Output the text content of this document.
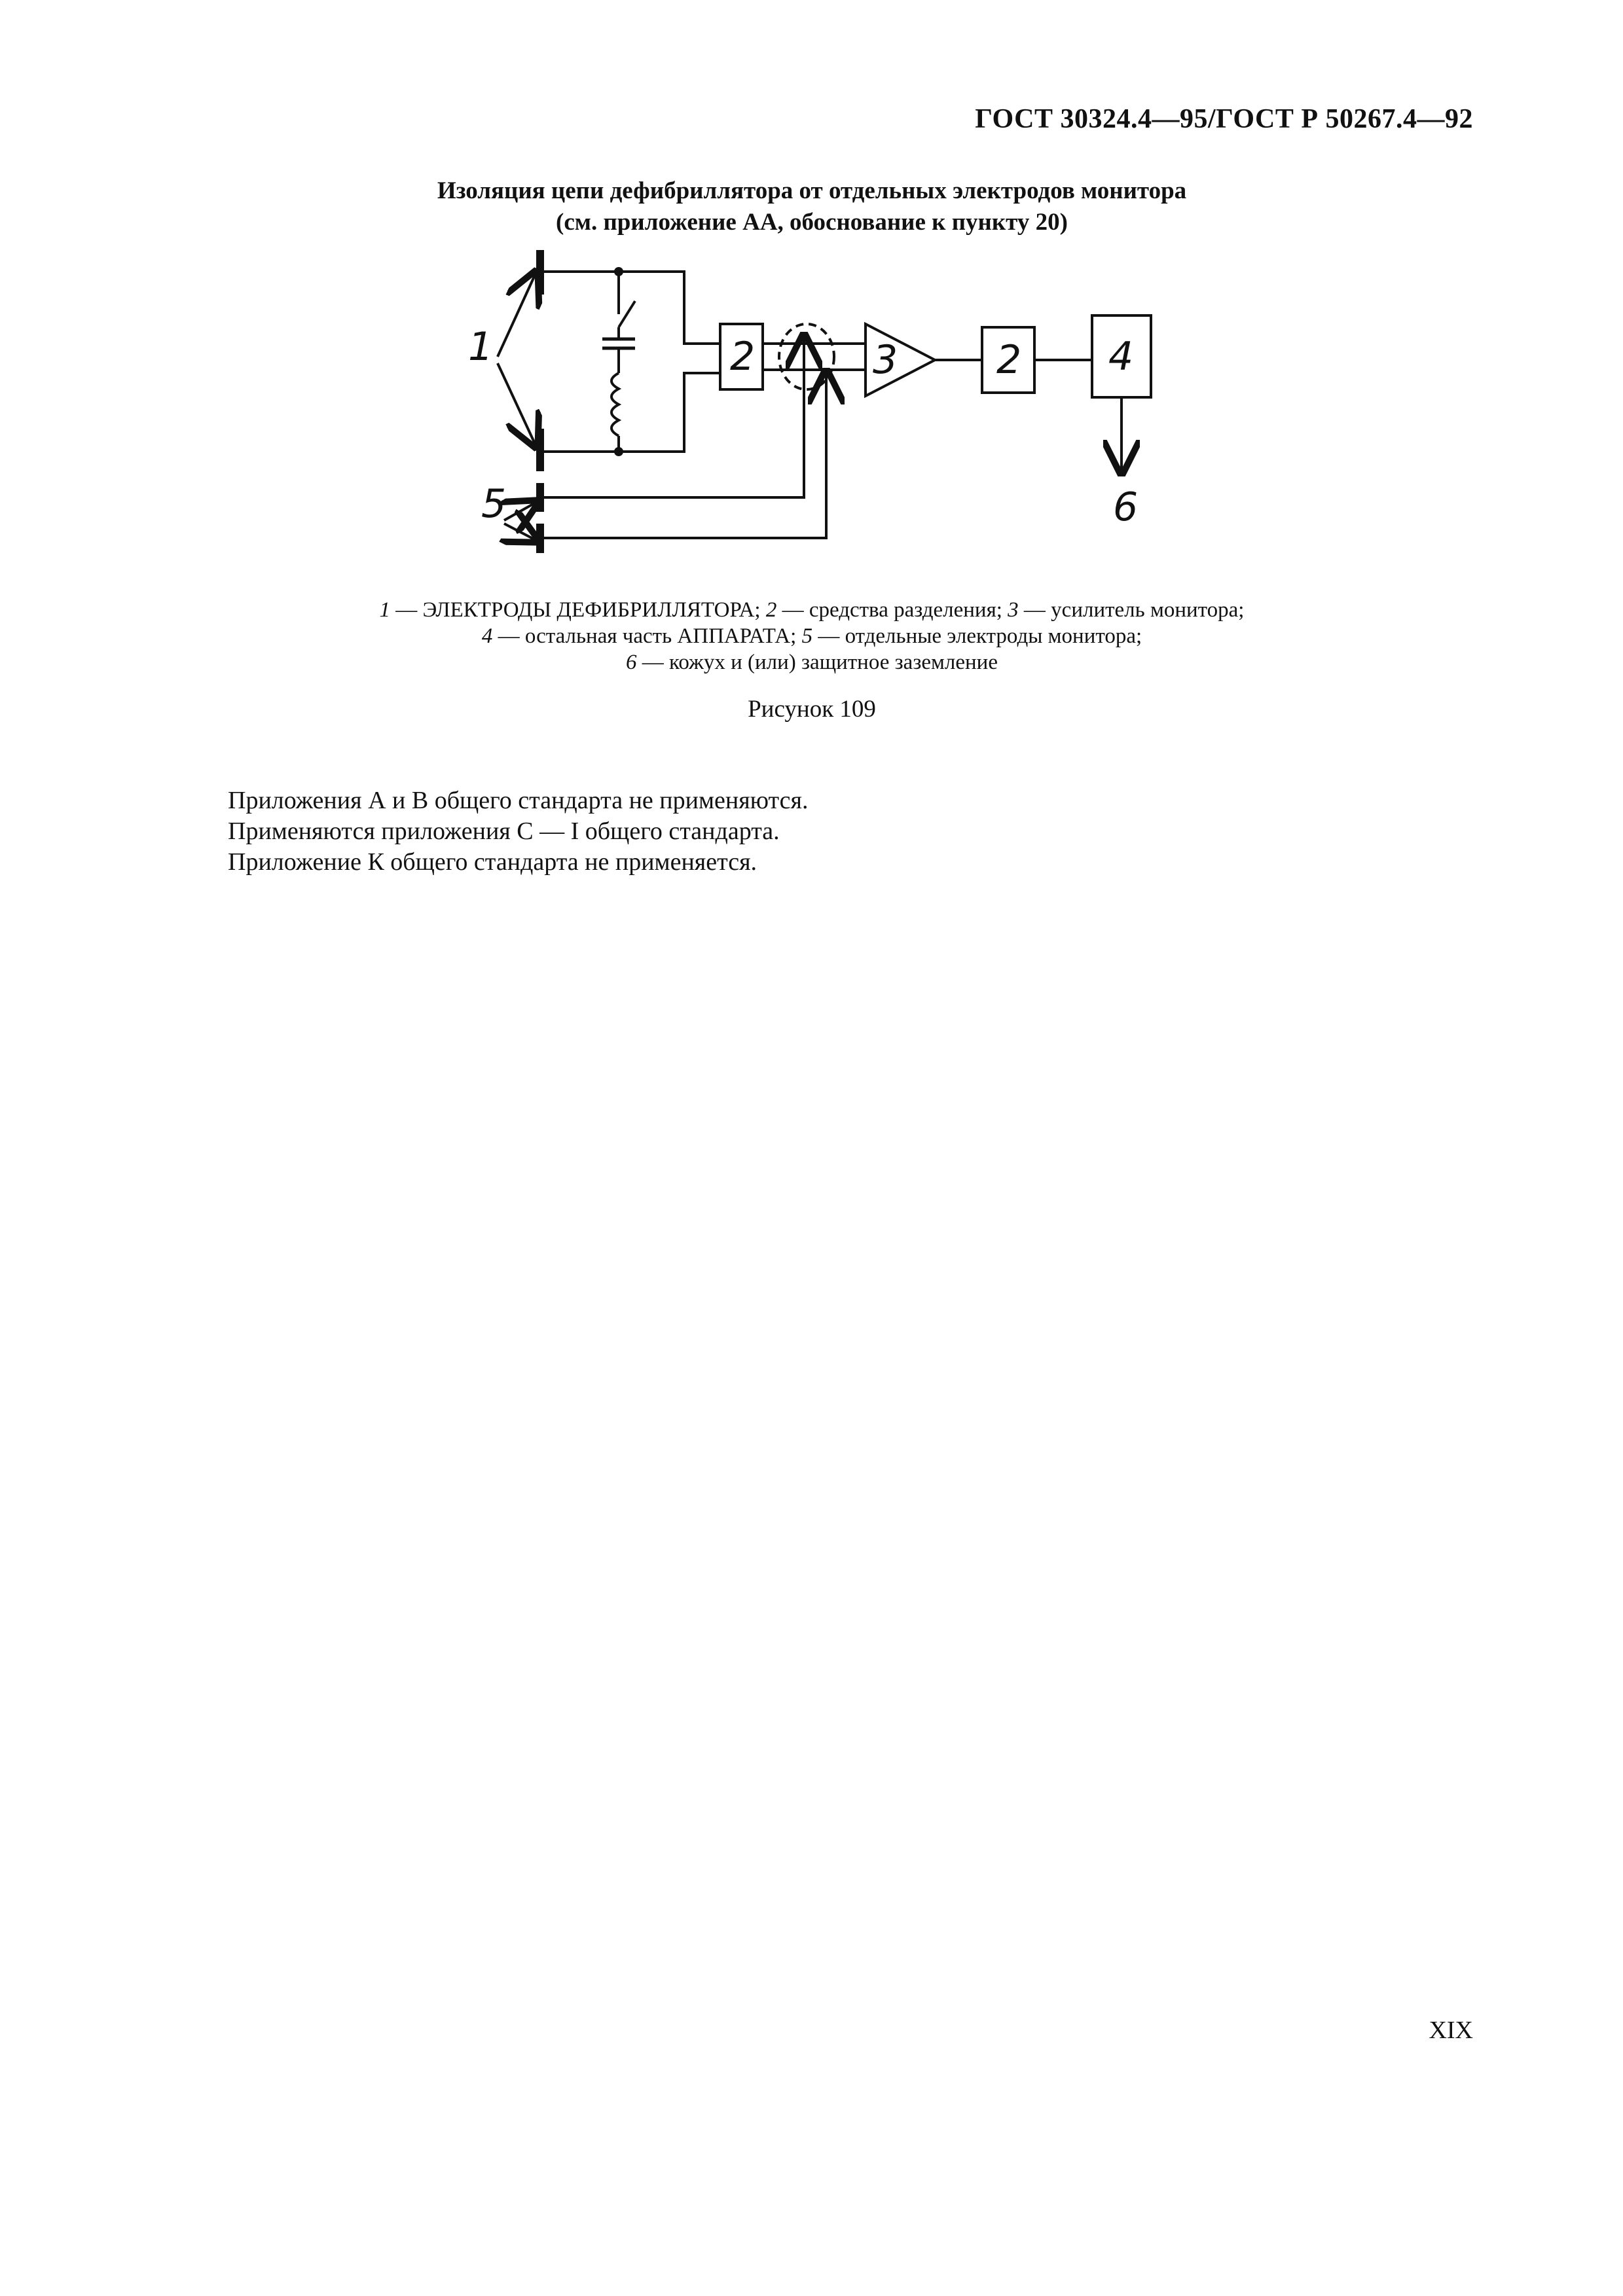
ГОСТ 30324.4—95/ГОСТ Р 50267.4—92
Изоляция цепи дефибриллятора от отдельных электродов монитора
(см. приложение АА, обоснование к пункту 20)
1	2	3	2 4
5	6
1 — ЭЛЕКТРОДЫ ДЕФИБРИЛЛЯТОРА; 2 — средства разделения; 3 — усилитель монитора;
4 — остальная часть АППАРАТА; 5 — отдельные электроды монитора;
6 — кожух и (или) защитное заземление
Рисунок 109

Приложения А и В общего стандарта не применяются.

Применяются приложения С — I общего стандарта.

Приложение К общего стандарта не применяется.

XIX
